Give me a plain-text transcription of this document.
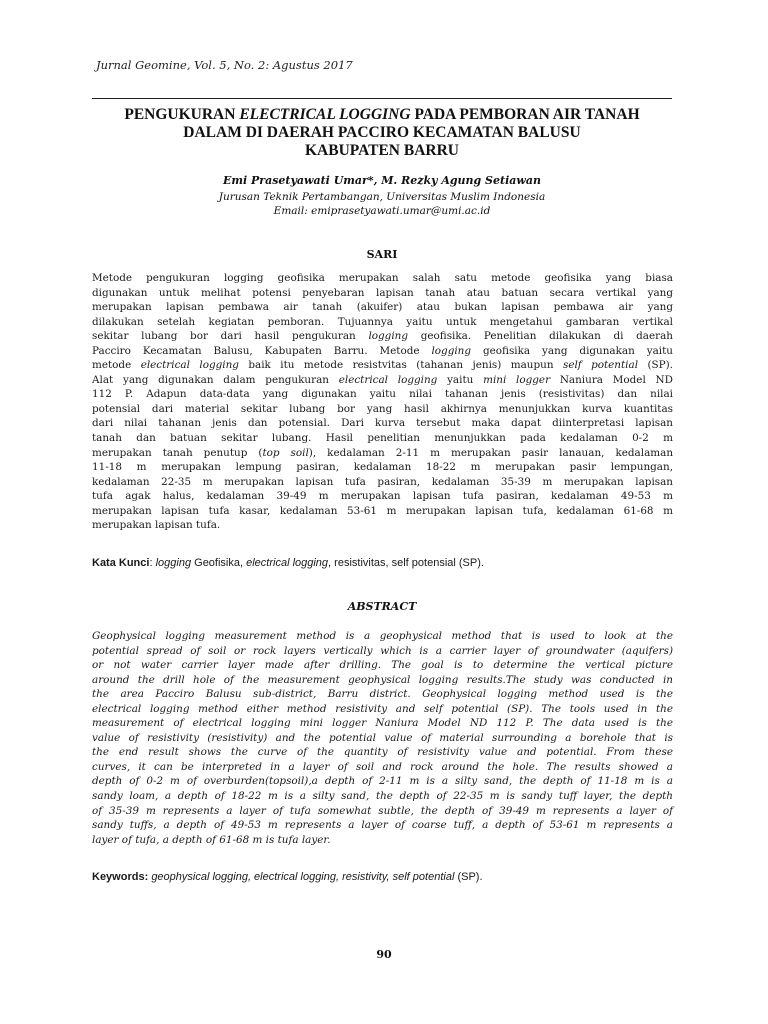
Jurnal Geomine, Vol. 5, No. 2: Agustus 2017
PENGUKURAN ELECTRICAL LOGGING PADA PEMBORAN AIR TANAH
DALAM DI DAERAH PACCIRO KECAMATAN BALUSU
KABUPATEN BARRU
Emi Prasetyawati Umar*, M. Rezky Agung Setiawan
Jurusan Teknik Pertambangan, Universitas Muslim Indonesia
Email: emiprasetyawati.umar@umi.ac.id
SARI
Metode pengukuran logging geofisika merupakan salah satu metode geofisika yang biasa
digunakan untuk melihat potensi penyebaran lapisan tanah atau batuan secara vertikal yang
merupakan lapisan pembawa air tanah (akuifer) atau bukan lapisan pembawa air yang
dilakukan setelah kegiatan pemboran. Tujuannya yaitu untuk mengetahui gambaran vertikal
sekitar lubang bor dari hasil pengukuran logging geofisika. Penelitian dilakukan di daerah
Pacciro Kecamatan Balusu, Kabupaten Barru. Metode logging geofisika yang digunakan yaitu
metode electrical logging baik itu metode resistvitas (tahanan jenis) maupun self potential (SP).
Alat yang digunakan dalam pengukuran electrical logging yaitu mini logger Naniura Model ND
112 P. Adapun data-data yang digunakan yaitu nilai tahanan jenis (resistivitas) dan nilai
potensial dari material sekitar lubang bor yang hasil akhirnya menunjukkan kurva kuantitas
dari nilai tahanan jenis dan potensial. Dari kurva tersebut maka dapat diinterpretasi lapisan
tanah dan batuan sekitar lubang. Hasil penelitian menunjukkan pada kedalaman 0-2 m
merupakan tanah penutup (top soil), kedalaman 2-11 m merupakan pasir lanauan, kedalaman
11-18 m merupakan lempung pasiran, kedalaman 18-22 m merupakan pasir lempungan,
kedalaman 22-35 m merupakan lapisan tufa pasiran, kedalaman 35-39 m merupakan lapisan
tufa agak halus, kedalaman 39-49 m merupakan lapisan tufa pasiran, kedalaman 49-53 m
merupakan lapisan tufa kasar, kedalaman 53-61 m merupakan lapisan tufa, kedalaman 61-68 m
merupakan lapisan tufa.
Kata Kunci: logging Geofisika, electrical logging, resistivitas, self potensial (SP).
ABSTRACT
Geophysical logging measurement method is a geophysical method that is used to look at the
potential spread of soil or rock layers vertically which is a carrier layer of groundwater (aquifers)
or not water carrier layer made after drilling. The goal is to determine the vertical picture
around the drill hole of the measurement geophysical logging results.The study was conducted in
the area Pacciro Balusu sub-district, Barru district. Geophysical logging method used is the
electrical logging method either method resistivity and self potential (SP). The tools used in the
measurement of electrical logging mini logger Naniura Model ND 112 P. The data used is the
value of resistivity (resistivity) and the potential value of material surrounding a borehole that is
the end result shows the curve of the quantity of resistivity value and potential. From these
curves, it can be interpreted in a layer of soil and rock around the hole. The results showed a
depth of 0-2 m of overburden(topsoil),a depth of 2-11 m is a silty sand, the depth of 11-18 m is a
sandy loam, a depth of 18-22 m is a silty sand, the depth of 22-35 m is sandy tuff layer, the depth
of 35-39 m represents a layer of tufa somewhat subtle, the depth of 39-49 m represents a layer of
sandy tuffs, a depth of 49-53 m represents a layer of coarse tuff, a depth of 53-61 m represents a
layer of tufa, a depth of 61-68 m is tufa layer.
Keywords: geophysical logging, electrical logging, resistivity, self potential (SP).
90
